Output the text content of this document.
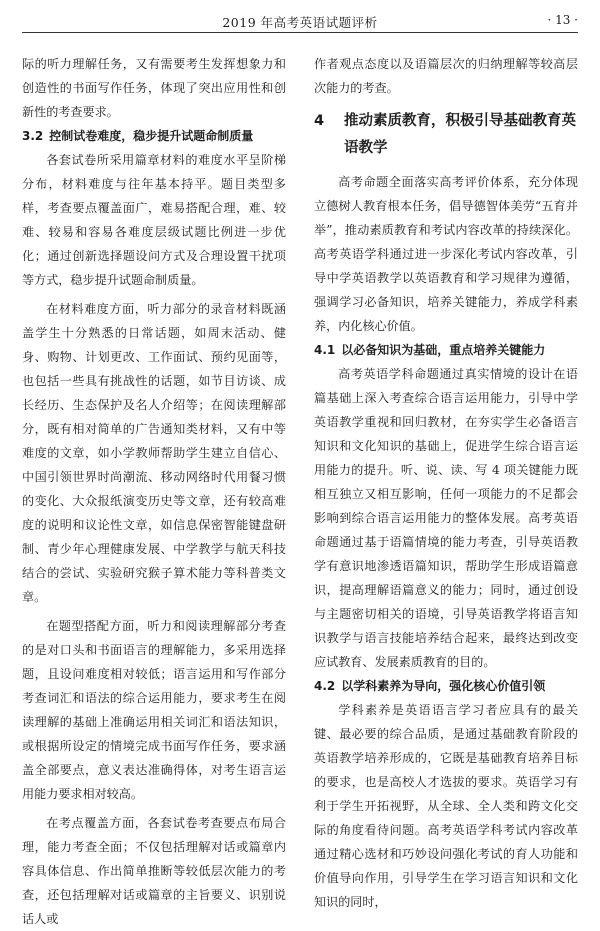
2019 年高考英语试题评析	· 13 ·

际的听力理解任务，又有需要考生发挥想象力和创造性的书面写作任务，体现了突出应用性和创新性的考查要求。

3.2 控制试卷难度，稳步提升试题命制质量

各套试卷所采用篇章材料的难度水平呈阶梯分布，材料难度与往年基本持平。题目类型多样，考查要点覆盖面广，难易搭配合理，难、较难、较易和容易各难度层级试题比例进一步优化；通过创新选择题设问方式及合理设置干扰项等方式，稳步提升试题命制质量。

在材料难度方面，听力部分的录音材料既涵盖学生十分熟悉的日常话题，如周末活动、健身、购物、计划更改、工作面试、预约见面等，也包括一些具有挑战性的话题，如节目访谈、成长经历、生态保护及名人介绍等；在阅读理解部分，既有相对简单的广告通知类材料，又有中等难度的文章，如小学教师帮助学生建立自信心、中国引领世界时尚潮流、移动网络时代用餐习惯的变化、大众报纸演变历史等文章，还有较高难度的说明和议论性文章，如信息保密智能键盘研制、青少年心理健康发展、中学教学与航天科技结合的尝试、实验研究猴子算术能力等科普类文章。

在题型搭配方面，听力和阅读理解部分考查的是对口头和书面语言的理解能力，多采用选择题，且设问难度相对较低；语言运用和写作部分考查词汇和语法的综合运用能力，要求考生在阅读理解的基础上准确运用相关词汇和语法知识，或根据所设定的情境完成书面写作任务，要求涵盖全部要点，意义表达准确得体，对考生语言运用能力要求相对较高。

在考点覆盖方面，各套试卷考查要点布局合理，能力考查全面；不仅包括理解对话或篇章内容具体信息、作出简单推断等较低层次能力的考查，还包括理解对话或篇章的主旨要义、识别说话人或

作者观点态度以及语篇层次的归纳理解等较高层次能力的考查。

4	推动素质教育，积极引导基础教育英语教学

高考命题全面落实高考评价体系，充分体现立德树人教育根本任务，倡导德智体美劳“五育并举”，推动素质教育和考试内容改革的持续深化。高考英语学科通过进一步深化考试内容改革，引导中学英语教学以英语教育和学习规律为遵循，强调学习必备知识，培养关键能力，养成学科素养，内化核心价值。

4.1 以必备知识为基础，重点培养关键能力

高考英语学科命题通过真实情境的设计在语篇基础上深入考查综合语言运用能力，引导中学英语教学重视和回归教材，在夯实学生必备语言知识和文化知识的基础上，促进学生综合语言运用能力的提升。听、说、读、写 4 项关键能力既相互独立又相互影响，任何一项能力的不足都会影响到综合语言运用能力的整体发展。高考英语命题通过基于语篇情境的能力考查，引导英语教学有意识地渗透语篇知识，帮助学生形成语篇意识，提高理解语篇意义的能力；同时，通过创设与主题密切相关的语境，引导英语教学将语言知识教学与语言技能培养结合起来，最终达到改变应试教育、发展素质教育的目的。

4.2 以学科素养为导向，强化核心价值引领

学科素养是英语语言学习者应具有的最关键、最必要的综合品质，是通过基础教育阶段的英语教学培养形成的，它既是基础教育培养目标的要求，也是高校人才选拔的要求。英语学习有利于学生开拓视野，从全球、全人类和跨文化交际的角度看待问题。高考英语学科考试内容改革通过精心选材和巧妙设问强化考试的育人功能和价值导向作用，引导学生在学习语言知识和文化知识的同时，
